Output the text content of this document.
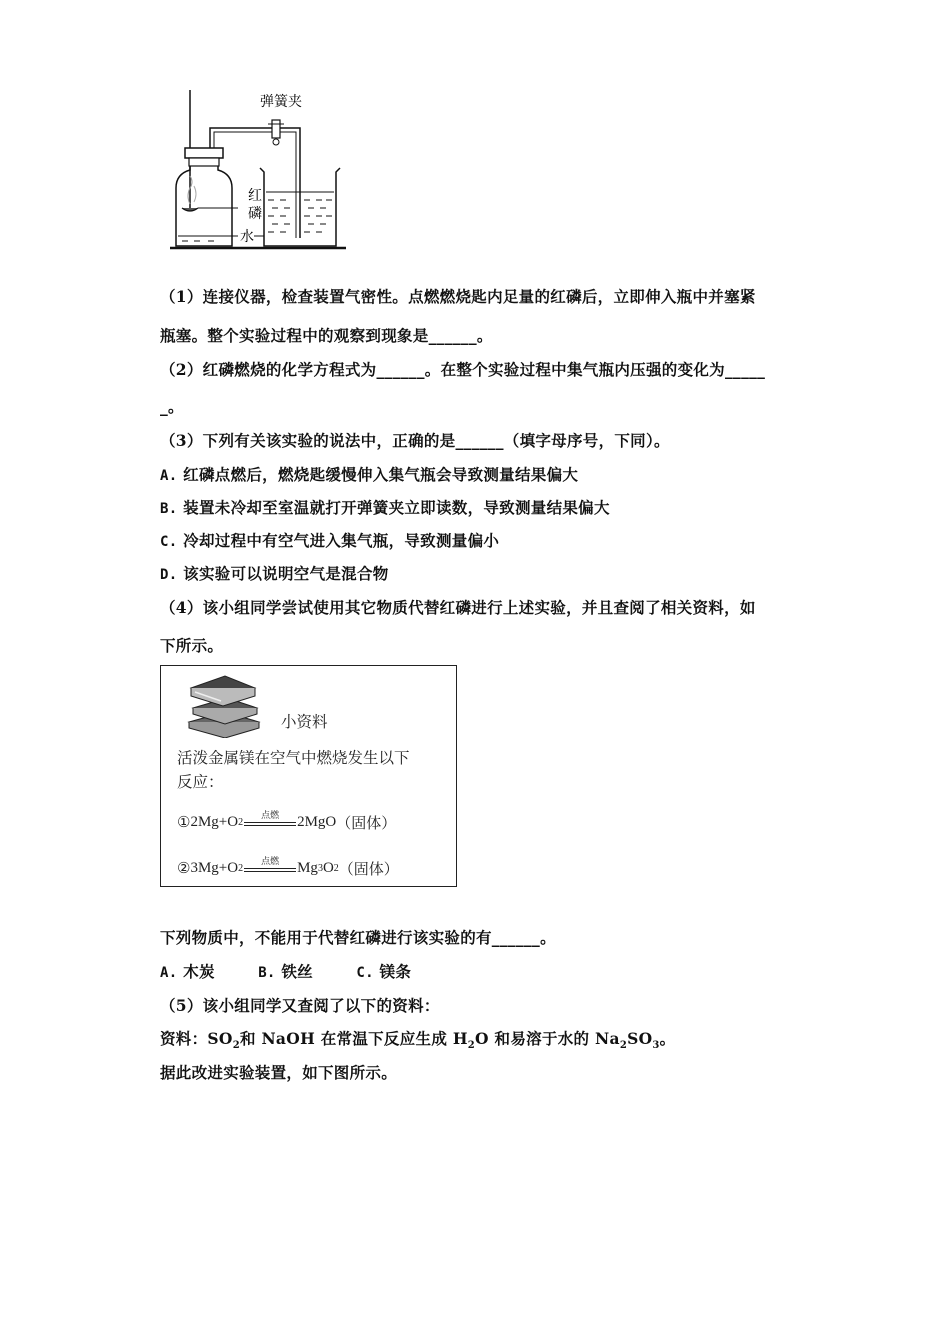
弹簧夹
红
磷
水
（1）连接仪器，检查装置气密性。点燃燃烧匙内足量的红磷后，立即伸入瓶中并塞紧
瓶塞。整个实验过程中的观察到现象是______。
（2）红磷燃烧的化学方程式为______。在整个实验过程中集气瓶内压强的变化为_____
_。
（3）下列有关该实验的说法中，正确的是______（填字母序号，下同）。
A. 红磷点燃后，燃烧匙缓慢伸入集气瓶会导致测量结果偏大
B. 装置未冷却至室温就打开弹簧夹立即读数，导致测量结果偏大
C. 冷却过程中有空气进入集气瓶，导致测量偏小
D. 该实验可以说明空气是混合物
（4）该小组同学尝试使用其它物质代替红磷进行上述实验，并且查阅了相关资料，如
下所示。
小资料
活泼金属镁在空气中燃烧发生以下
反应：
① 2Mg+O 2
点燃	2MgO （固体）
② 3Mg+O 2
点燃	Mg 3 O 2 （固体）
下列物质中，不能用于代替红磷进行该实验的有______。
A. 木炭	B. 铁丝	C. 镁条
（5）该小组同学又查阅了以下的资料：
资料：$SO_2$和 NaOH 在常温下反应生成 $H_2O$ 和易溶于水的 $Na_2SO_3$。
据此改进实验装置，如下图所示。
